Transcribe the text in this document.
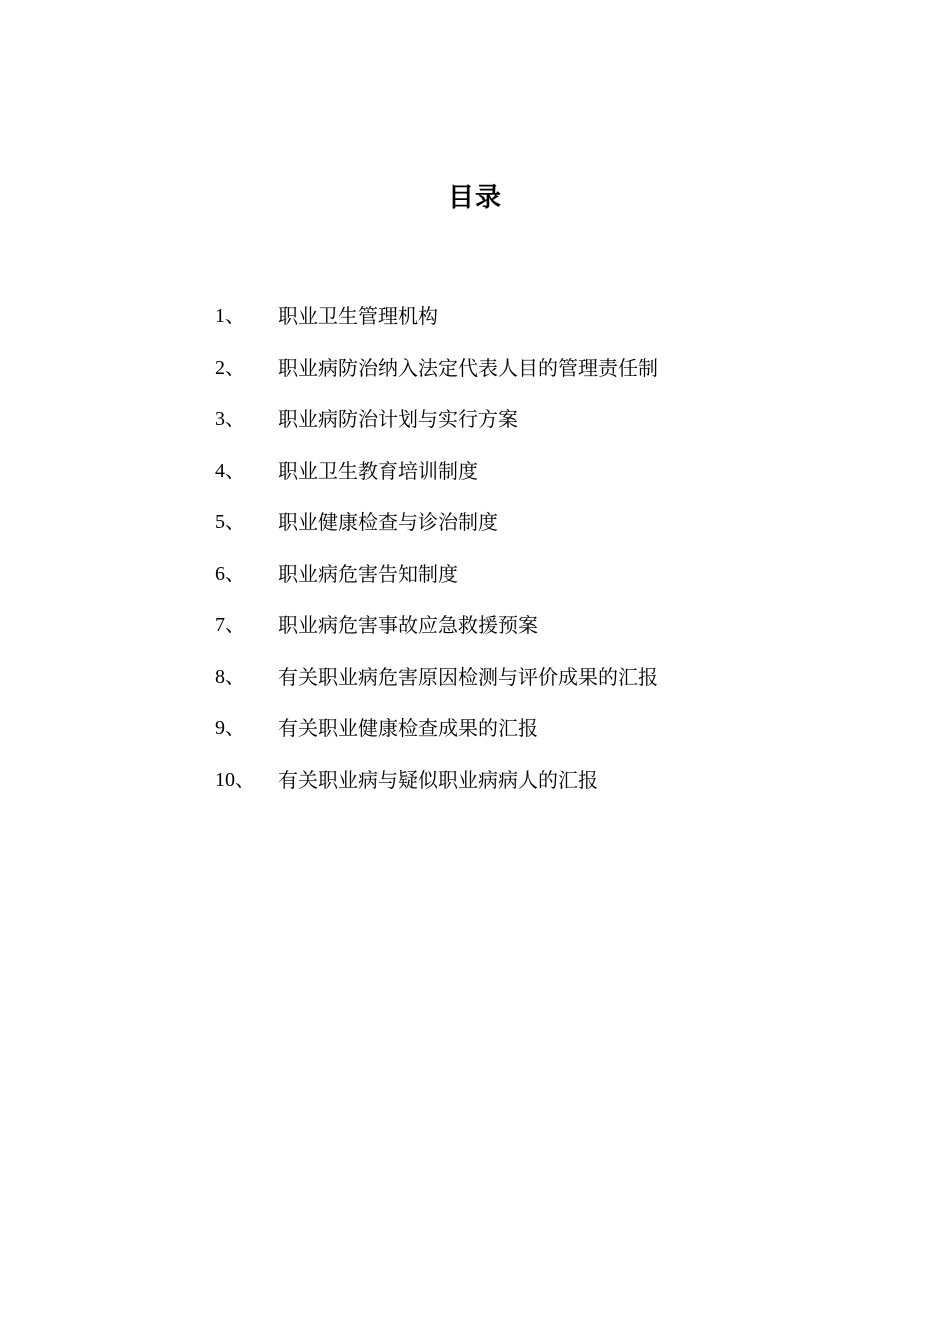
目录
1、	职业卫生管理机构
2、	职业病防治纳入法定代表人目的管理责任制
3、	职业病防治计划与实行方案
4、	职业卫生教育培训制度
5、	职业健康检查与诊治制度
6、	职业病危害告知制度
7、	职业病危害事故应急救援预案
8、	有关职业病危害原因检测与评价成果的汇报
9、	有关职业健康检查成果的汇报
10、	有关职业病与疑似职业病病人的汇报
